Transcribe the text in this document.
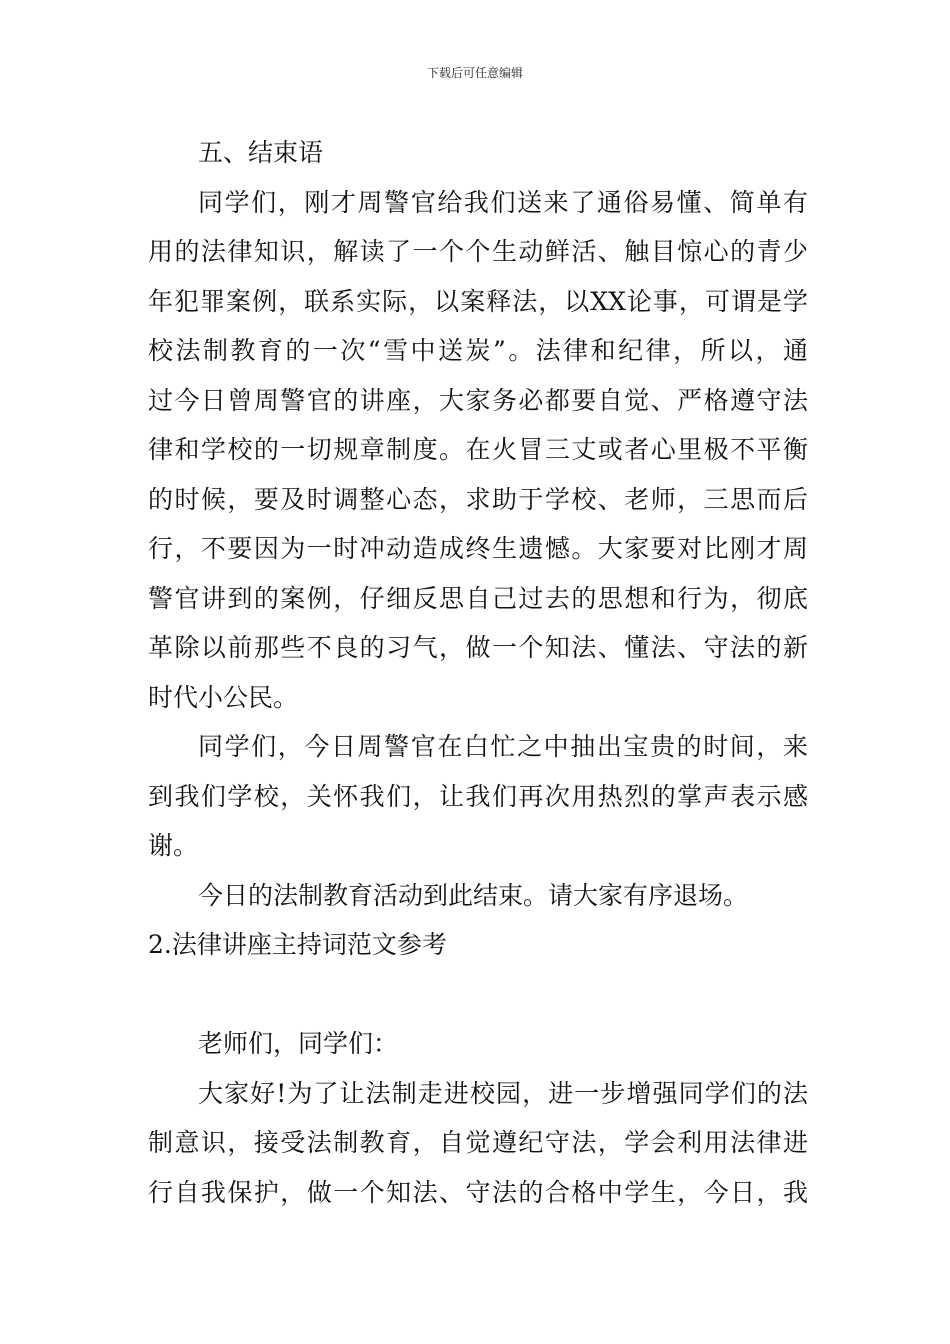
下载后可任意编辑
五、结束语
同学们，刚才周警官给我们送来了通俗易懂、简单有
用的法律知识，解读了一个个生动鲜活、触目惊心的青少
年犯罪案例，联系实际，以案释法，以XX论事，可谓是学
校法制教育的一次“雪中送炭”。法律和纪律，所以，通
过今日曾周警官的讲座，大家务必都要自觉、严格遵守法
律和学校的一切规章制度。在火冒三丈或者心里极不平衡
的时候，要及时调整心态，求助于学校、老师，三思而后
行，不要因为一时冲动造成终生遗憾。大家要对比刚才周
警官讲到的案例，仔细反思自己过去的思想和行为，彻底
革除以前那些不良的习气，做一个知法、懂法、守法的新
时代小公民。
同学们，今日周警官在白忙之中抽出宝贵的时间，来
到我们学校，关怀我们，让我们再次用热烈的掌声表示感
谢。
今日的法制教育活动到此结束。请大家有序退场。
2.法律讲座主持词范文参考
老师们，同学们：
大家好!为了让法制走进校园，进一步增强同学们的法
制意识，接受法制教育，自觉遵纪守法，学会利用法律进
行自我保护，做一个知法、守法的合格中学生，今日，我
